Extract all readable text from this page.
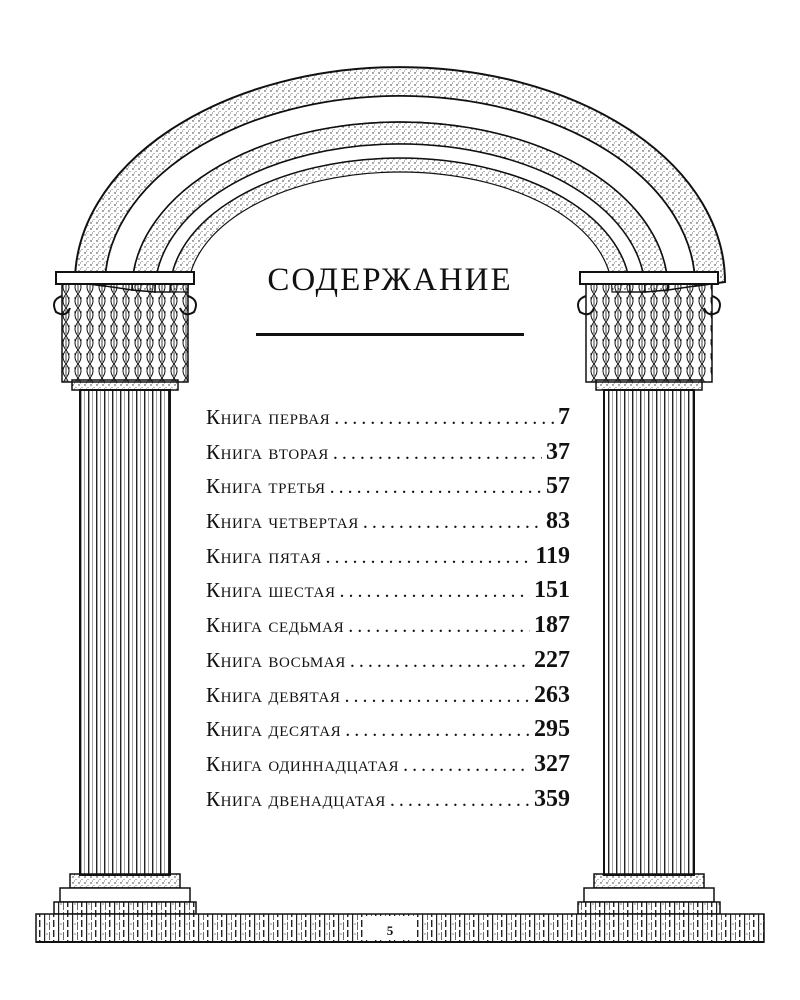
СОДЕРЖАНИЕ
Книга первая .....	7
Книга вторая .....	37
Книга третья .....	57
Книга четвертая .....	83
Книга пятая .....	119
Книга шестая .....	151
Книга седьмая .....	187
Книга восьмая .....	227
Книга девятая .....	263
Книга десятая .....	295
Книга одиннадцатая .....	327
Книга двенадцатая .....	359
5
